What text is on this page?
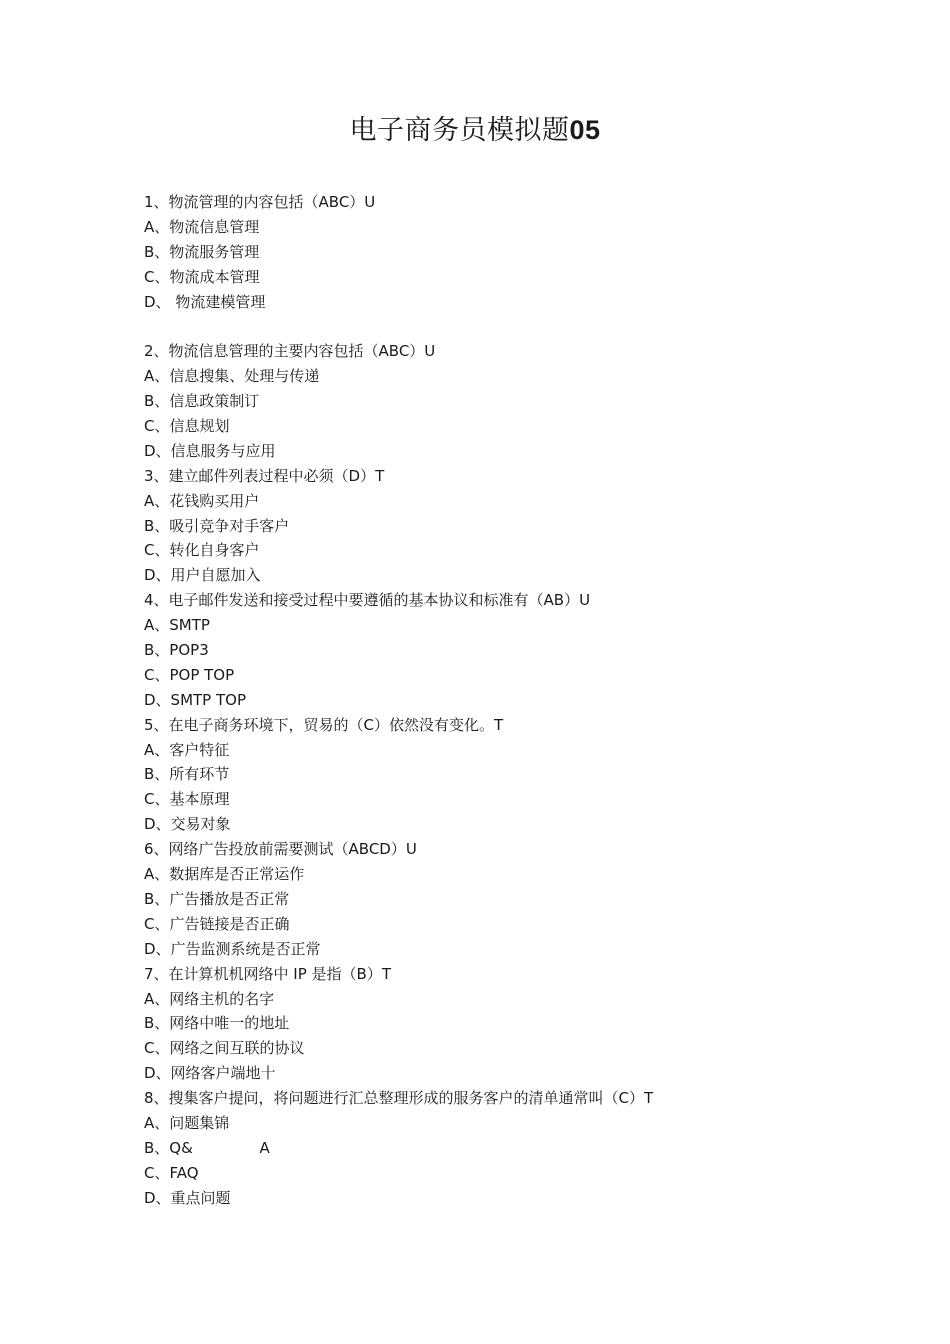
电子商务员模拟题05
1、物流管理的内容包括（ABC）U
A、物流信息管理
B、物流服务管理
C、物流成本管理
D、 物流建模管理
2、物流信息管理的主要内容包括（ABC）U
A、信息搜集、处理与传递
B、信息政策制订
C、信息规划
D、信息服务与应用
3、建立邮件列表过程中必须（D）T
A、花钱购买用户
B、吸引竞争对手客户
C、转化自身客户
D、用户自愿加入
4、电子邮件发送和接受过程中要遵循的基本协议和标准有（AB）U
A、SMTP
B、POP3
C、POP TOP
D、SMTP TOP
5、在电子商务环境下，贸易的（C）依然没有变化。T
A、客户特征
B、所有环节
C、基本原理
D、交易对象
6、网络广告投放前需要测试（ABCD）U
A、数据库是否正常运作
B、广告播放是否正常
C、广告链接是否正确
D、广告监测系统是否正常
7、在计算机机网络中 IP 是指（B）T
A、网络主机的名字
B、网络中唯一的地址
C、网络之间互联的协议
D、网络客户端地十
8、搜集客户提问，将问题进行汇总整理形成的服务客户的清单通常叫（C）T
A、问题集锦
B、Q&              A
C、FAQ
D、重点问题
